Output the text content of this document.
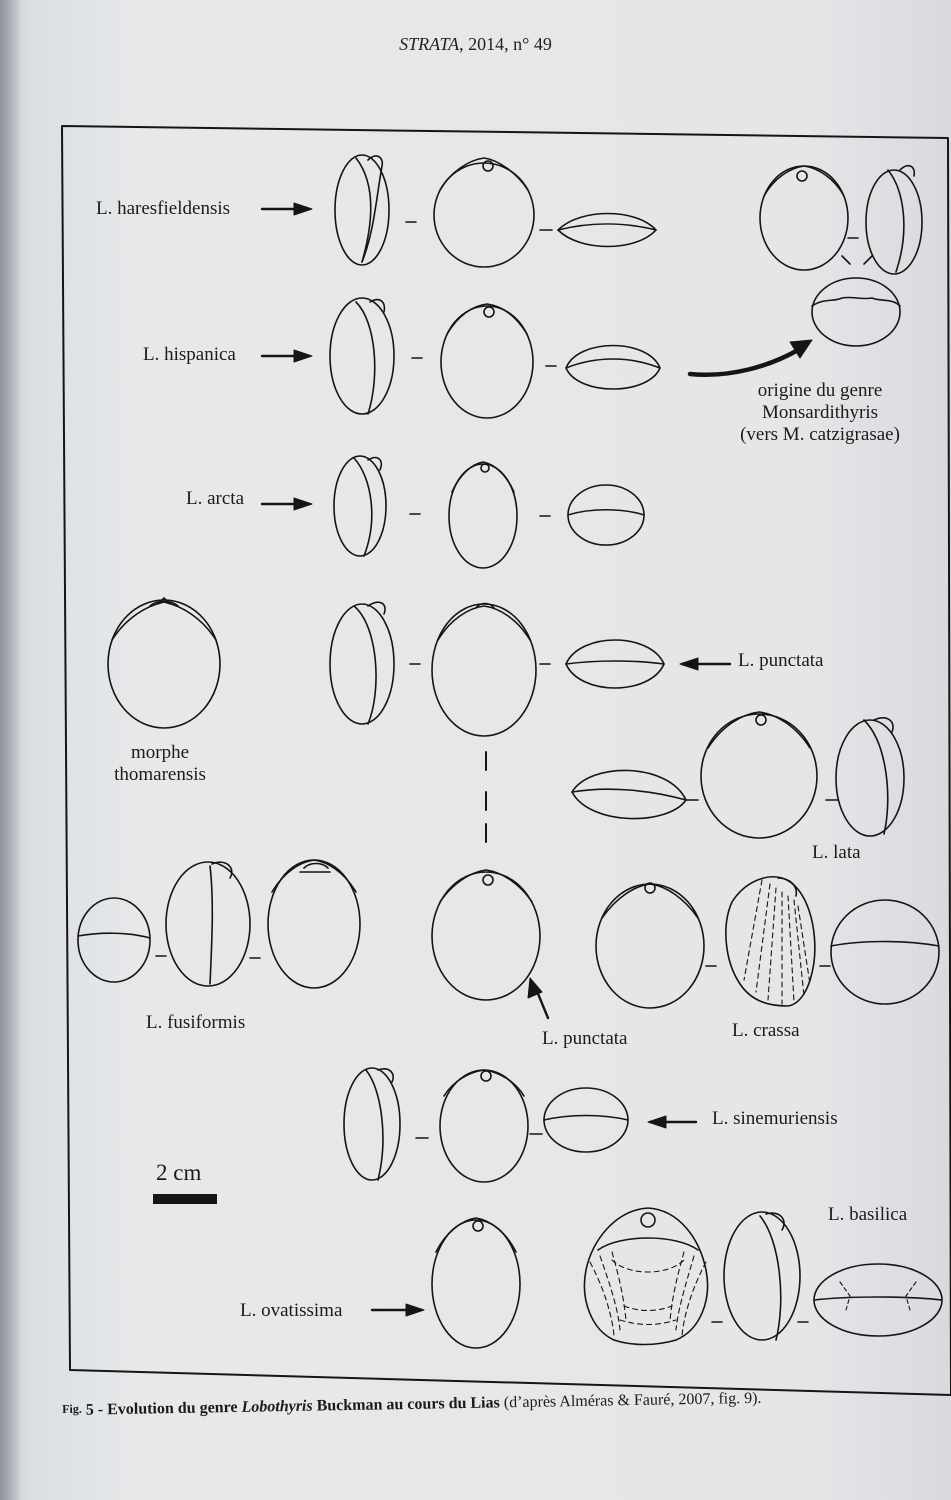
STRATA, 2014, n° 49
L. haresfieldensis
L. hispanica
L. arcta
L. punctata
morphe
thomarensis
L. lata
L. fusiformis
L. punctata	L. crassa
L. sinemuriensis
2 cm
L. basilica
L. ovatissima
origine du genre
Monsardithyris
(vers M. catzigrasae)
Fig. 5 - Evolution du genre Lobothyris Buckman au cours du Lias (d’après Alméras & Fauré, 2007, fig. 9).
